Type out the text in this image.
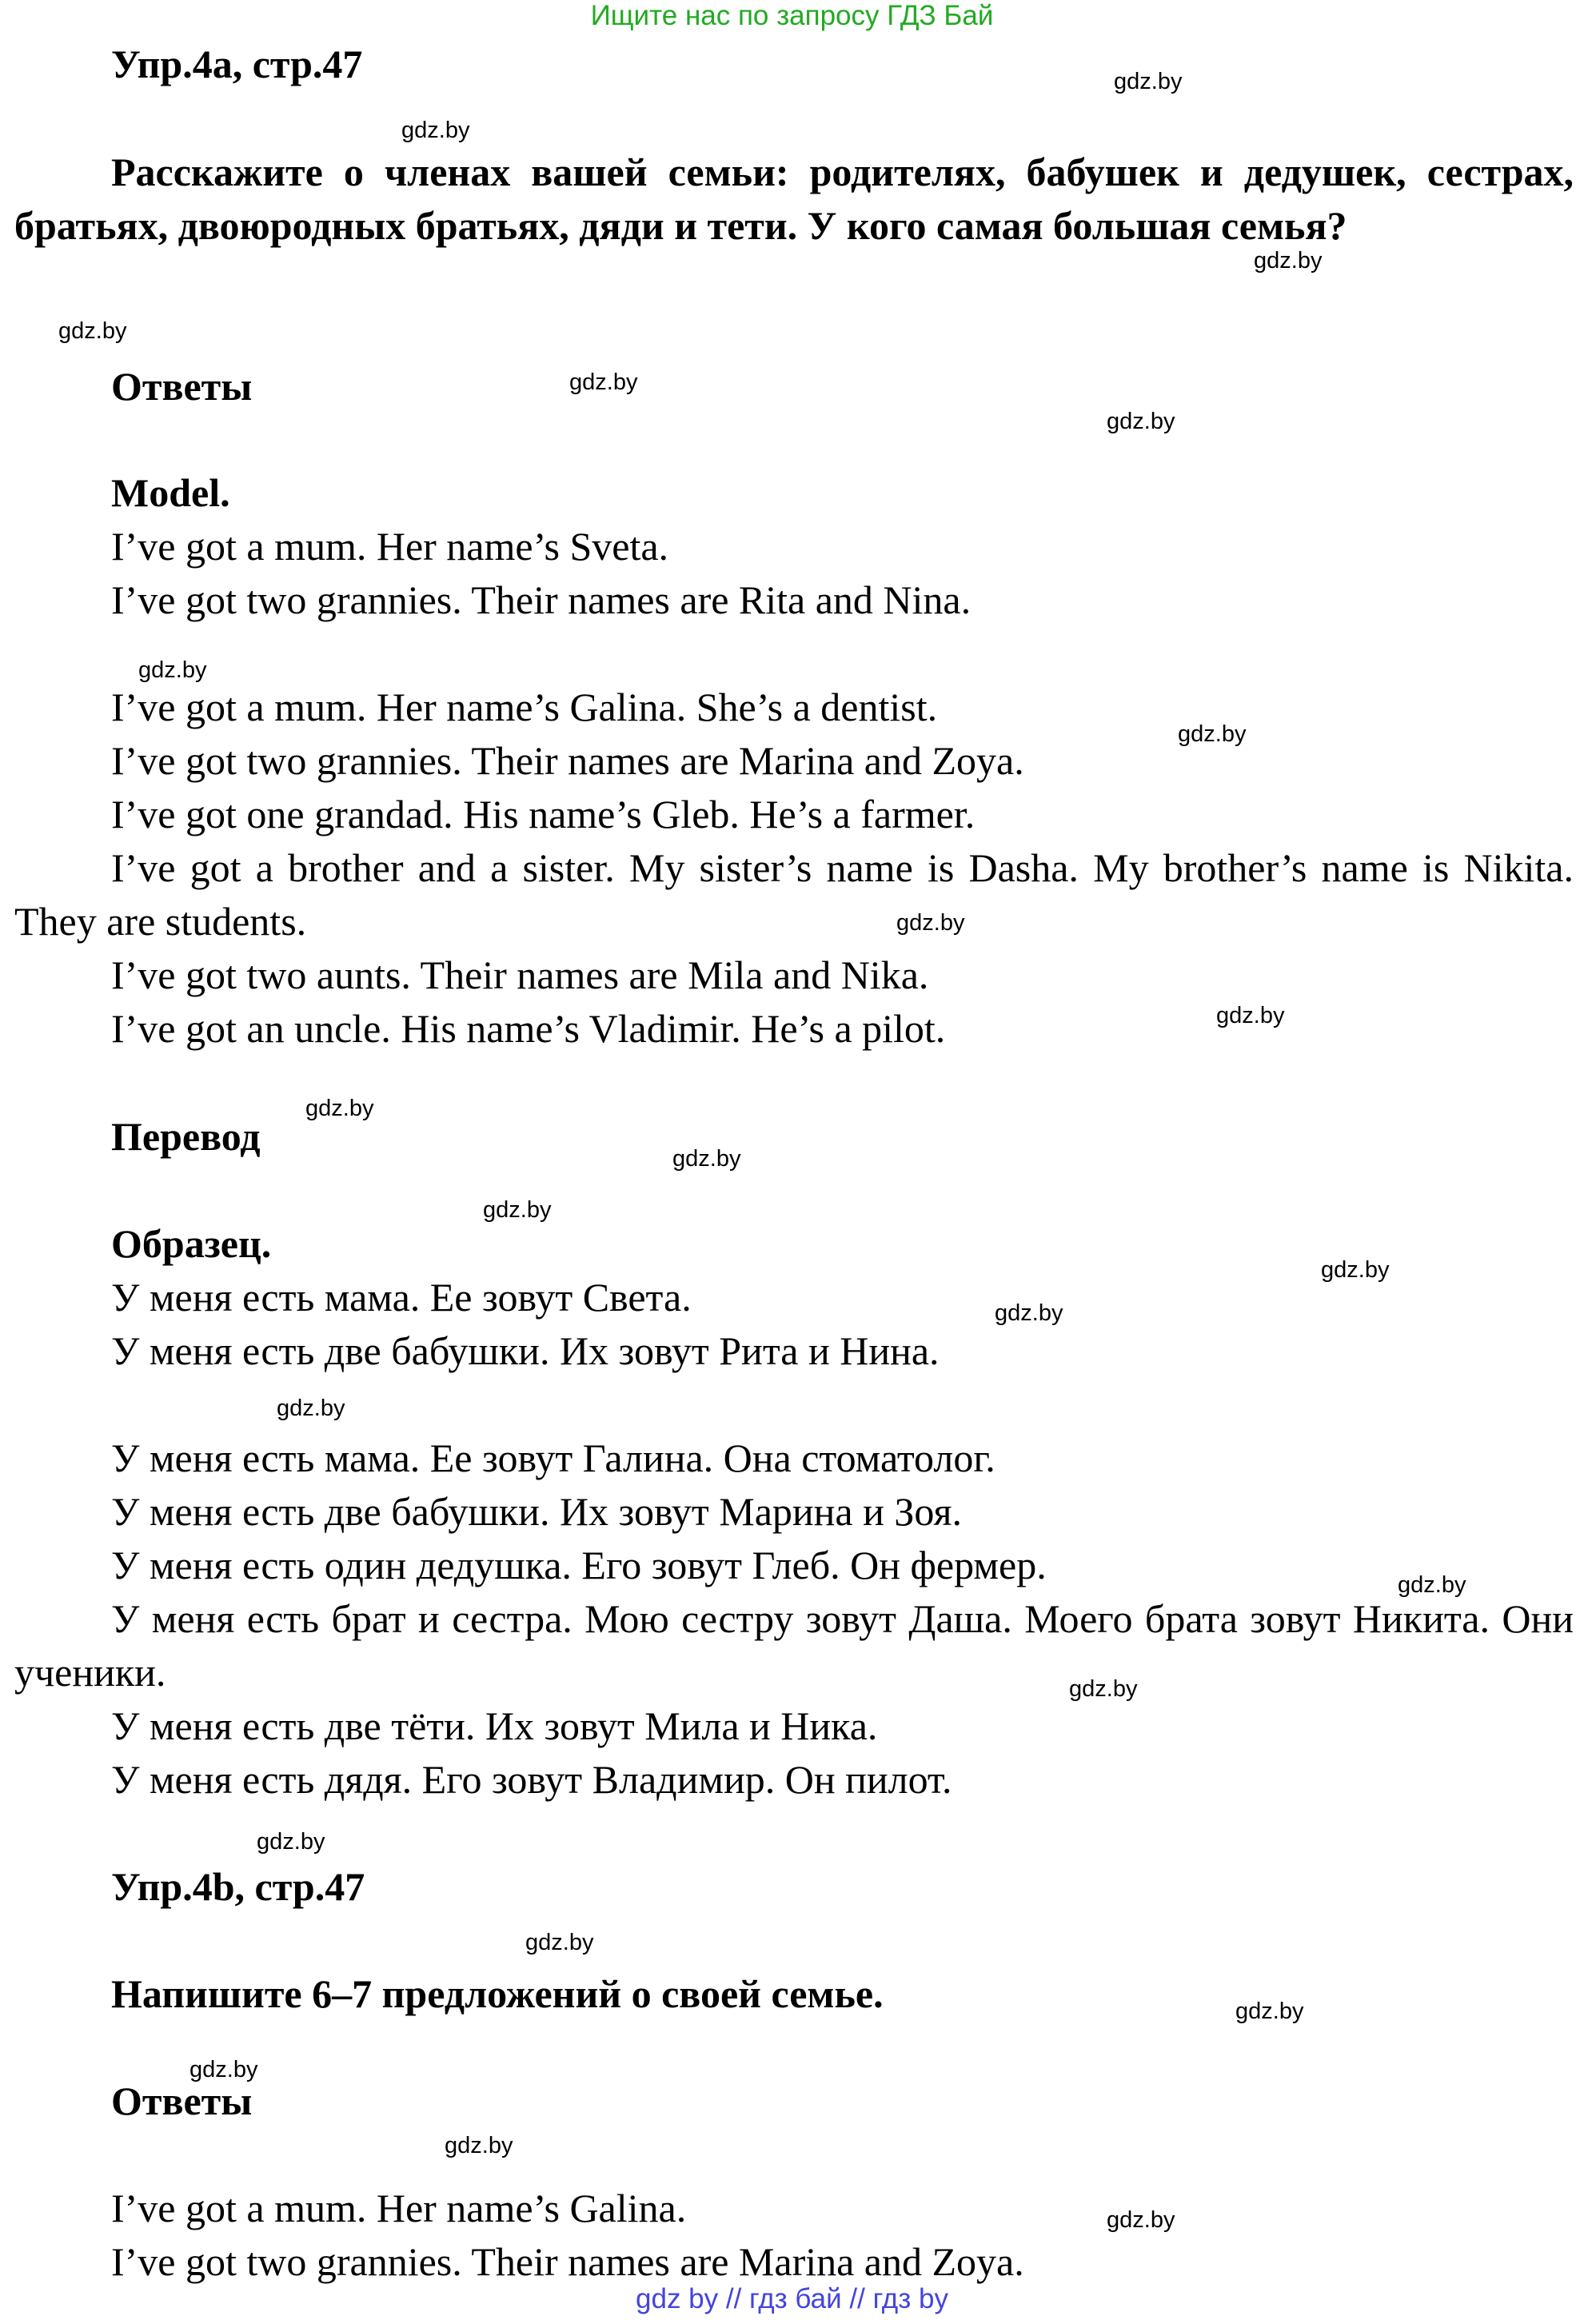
Ищите нас по запросу ГДЗ Бай
Упр.4a, стр.47

Расскажите о членах вашей семьи: родителях, бабушек и дедушек, сестрах, братьях, двоюродных братьях, дяди и тети. У кого самая большая семья?

Ответы
Model.
I’ve got a mum. Her name’s Sveta.
I’ve got two grannies. Their names are Rita and Nina.
I’ve got a mum. Her name’s Galina. She’s a dentist.
I’ve got two grannies. Their names are Marina and Zoya.
I’ve got one grandad. His name’s Gleb. He’s a farmer.

I’ve got a brother and a sister. My sister’s name is Dasha. My brother’s name is Nikita. They are students.

I’ve got two aunts. Their names are Mila and Nika.
I’ve got an uncle. His name’s Vladimir. He’s a pilot.
Перевод
Образец.
У меня есть мама. Ее зовут Света.
У меня есть две бабушки. Их зовут Рита и Нина.
У меня есть мама. Ее зовут Галина. Она стоматолог.
У меня есть две бабушки. Их зовут Марина и Зоя.
У меня есть один дедушка. Его зовут Глеб. Он фермер.

У меня есть брат и сестра. Мою сестру зовут Даша. Моего брата зовут Никита. Они ученики.

У меня есть две тёти. Их зовут Мила и Ника.
У меня есть дядя. Его зовут Владимир. Он пилот.
Упр.4b, стр.47
Напишите 6–7 предложений о своей семье.
Ответы
I’ve got a mum. Her name’s Galina.
I’ve got two grannies. Their names are Marina and Zoya.
gdz.by
gdz.by
gdz.by
gdz.by
gdz.by
gdz.by
gdz.by
gdz.by
gdz.by
gdz.by
gdz.by
gdz.by
gdz.by
gdz.by
gdz.by
gdz.by
gdz.by
gdz.by
gdz.by
gdz.by
gdz.by
gdz.by
gdz.by
gdz.by
gdz by // гдз бай // гдз by
